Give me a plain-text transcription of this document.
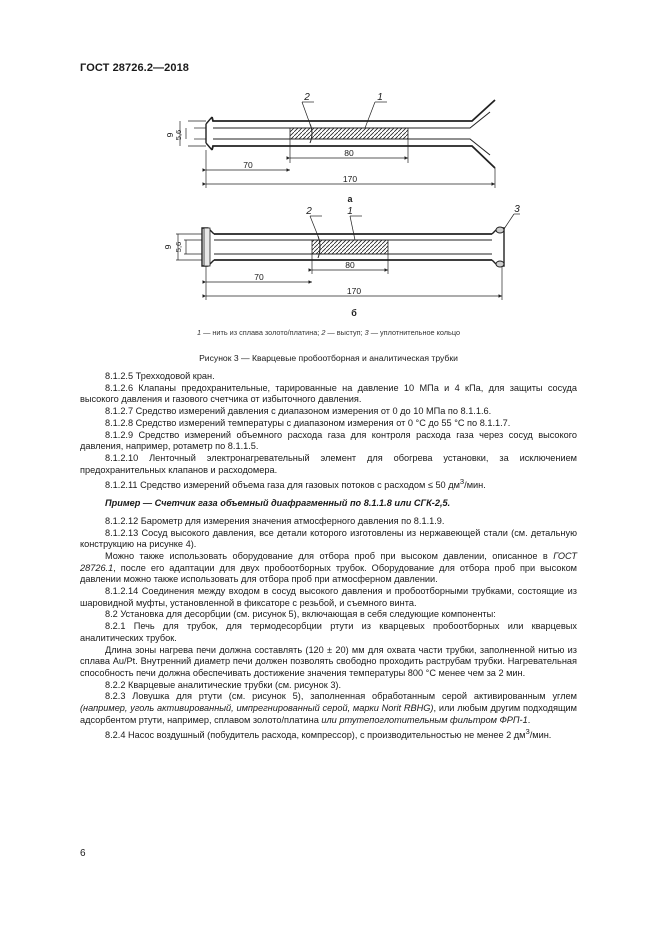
ГОСТ 28726.2—2018
9 5,6
80
70
170
2	1
а
9 5,6
80
70
170
2	1	3
б
1 — нить из сплава золото/платина; 2 — выступ; 3 — уплотнительное кольцо
Рисунок 3 — Кварцевые пробоотборная и аналитическая трубки

8.1.2.5 Трехходовой кран.

8.1.2.6 Клапаны предохранительные, тарированные на давление 10 МПа и 4 кПа, для защиты сосуда высокого давления и газового счетчика от избыточного давления.

8.1.2.7 Средство измерений давления с диапазоном измерения от 0 до 10 МПа по 8.1.1.6.

8.1.2.8 Средство измерений температуры с диапазоном измерения от 0 °С до 55 °С по 8.1.1.7.

8.1.2.9 Средство измерений объемного расхода газа для контроля расхода газа через сосуд высокого давления, например, ротаметр по 8.1.1.5.

8.1.2.10 Ленточный электронагревательный элемент для обогрева установки, за исключением предохранительных клапанов и расходомера.

8.1.2.11 Средство измерений объема газа для газовых потоков с расходом ≤ 50 $дм^3$/мин.

Пример — Счетчик газа объемный диафрагменный по 8.1.1.8 или СГК-2,5.

8.1.2.12 Барометр для измерения значения атмосферного давления по 8.1.1.9.

8.1.2.13 Сосуд высокого давления, все детали которого изготовлены из нержавеющей стали (см. детальную конструкцию на рисунке 4).

Можно также использовать оборудование для отбора проб при высоком давлении, описанное в ГОСТ 28726.1, после его адаптации для двух пробоотборных трубок. Оборудование для отбора проб при высоком давлении можно также использовать для отбора проб при атмосферном давлении.

8.1.2.14 Соединения между входом в сосуд высокого давления и пробоотборными трубками, состоящие из шаровидной муфты, установленной в фиксаторе с резьбой, и съемного винта.

8.2 Установка для десорбции (см. рисунок 5), включающая в себя следующие компоненты:

8.2.1 Печь для трубок, для термодесорбции ртути из кварцевых пробоотборных или кварцевых аналитических трубок.

Длина зоны нагрева печи должна составлять (120 ± 20) мм для охвата части трубки, заполненной нитью из сплава Au/Pt. Внутренний диаметр печи должен позволять свободно проходить раструбам трубки. Нагревательная способность печи должна обеспечивать достижение значения температуры 800 °С менее чем за 2 мин.

8.2.2 Кварцевые аналитические трубки (см. рисунок 3).

8.2.3 Ловушка для ртути (см. рисунок 5), заполненная обработанным серой активированным углем (например, уголь активированный, импрегнированный серой, марки Norit RBHG), или любым другим подходящим адсорбентом ртути, например, сплавом золото/платина или ртутепоглотительным фильтром ФРП-1.

8.2.4 Насос воздушный (побудитель расхода, компрессор), с производительностью не менее 2 $дм^3$/мин.

6
